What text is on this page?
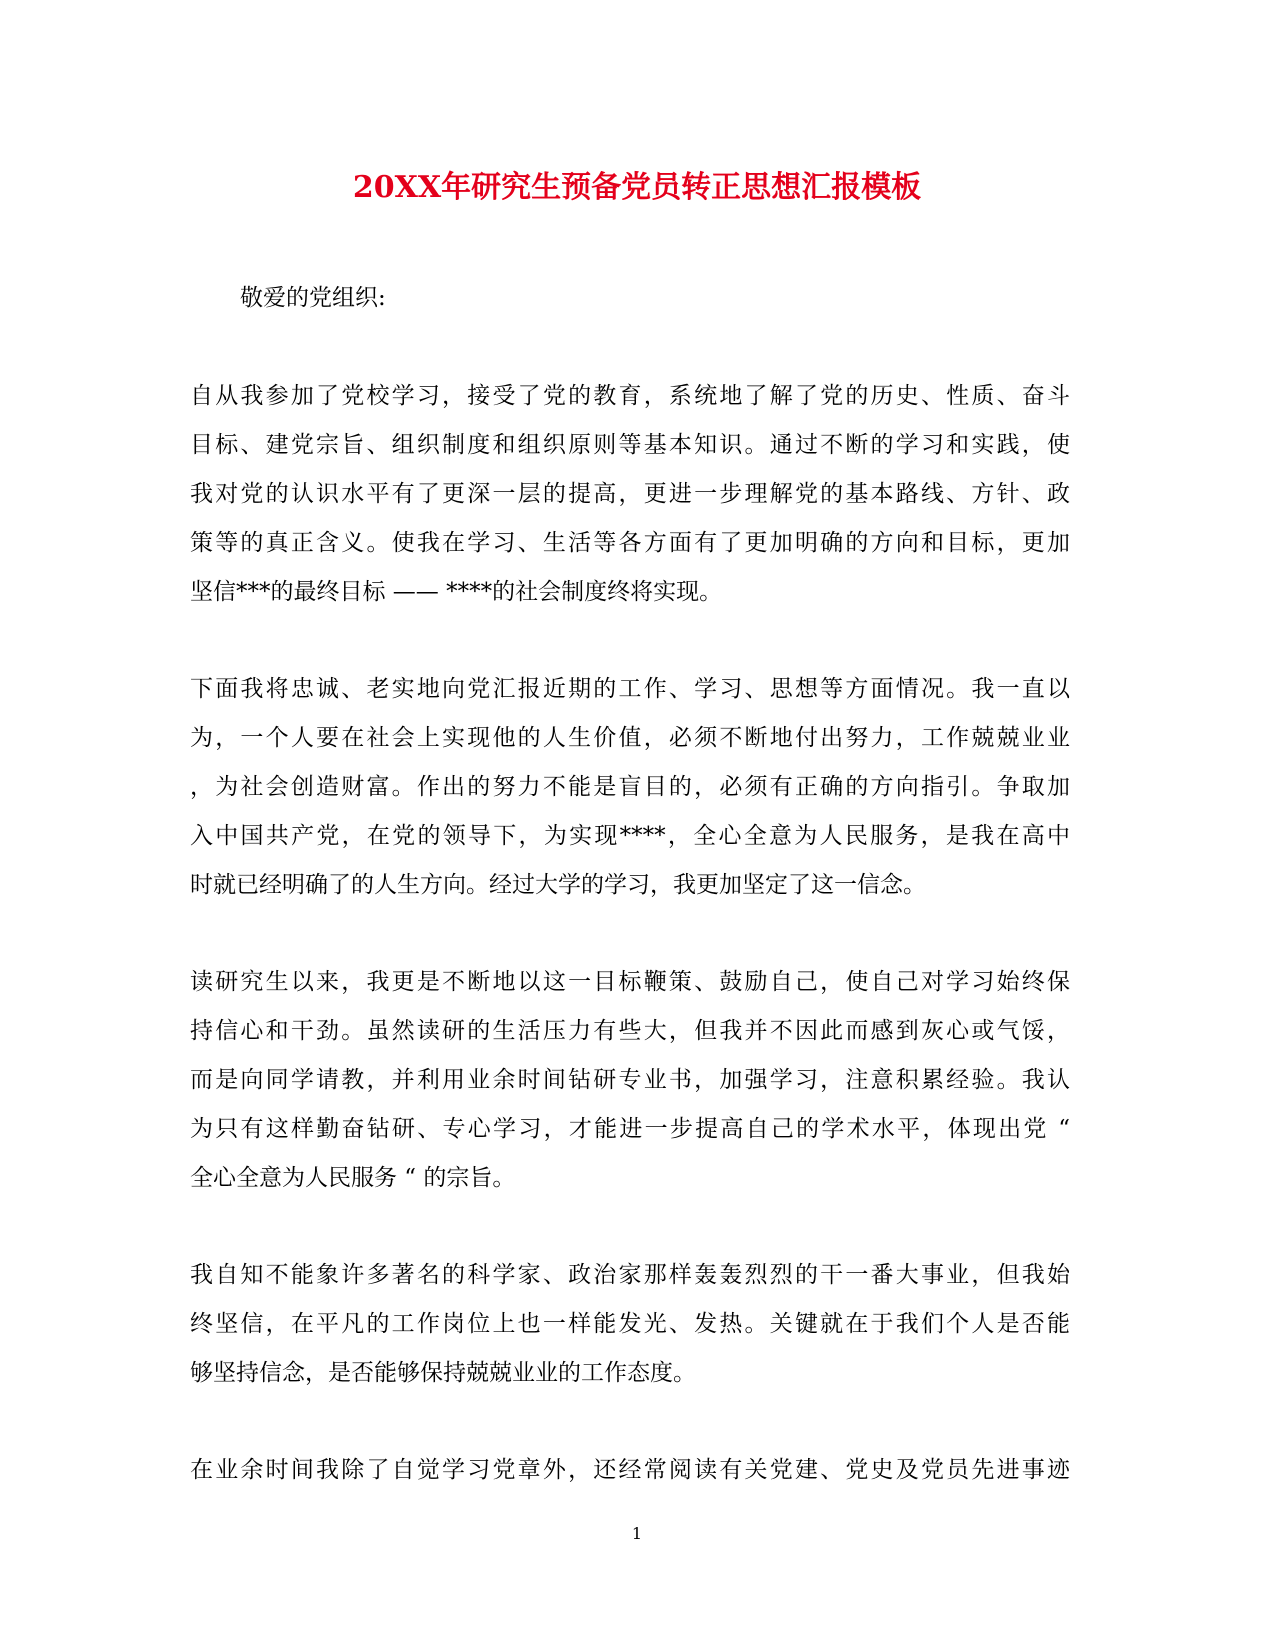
20XX年研究生预备党员转正思想汇报模板

敬爱的党组织:

自从我参加了党校学习，接受了党的教育，系统地了解了党的历史、性质、奋斗
目标、建党宗旨、组织制度和组织原则等基本知识。通过不断的学习和实践，使
我对党的认识水平有了更深一层的提高，更进一步理解党的基本路线、方针、政
策等的真正含义。使我在学习、生活等各方面有了更加明确的方向和目标，更加
坚信***的最终目标 —— ****的社会制度终将实现。

下面我将忠诚、老实地向党汇报近期的工作、学习、思想等方面情况。我一直以
为，一个人要在社会上实现他的人生价值，必须不断地付出努力，工作兢兢业业
，为社会创造财富。作出的努力不能是盲目的，必须有正确的方向指引。争取加
入中国共产党，在党的领导下，为实现****，全心全意为人民服务，是我在高中
时就已经明确了的人生方向。经过大学的学习，我更加坚定了这一信念。

读研究生以来，我更是不断地以这一目标鞭策、鼓励自己，使自己对学习始终保
持信心和干劲。虽然读研的生活压力有些大，但我并不因此而感到灰心或气馁，
而是向同学请教，并利用业余时间钻研专业书，加强学习，注意积累经验。我认
为只有这样勤奋钻研、专心学习，才能进一步提高自己的学术水平，体现出党 “
全心全意为人民服务 “ 的宗旨。

我自知不能象许多著名的科学家、政治家那样轰轰烈烈的干一番大事业，但我始
终坚信，在平凡的工作岗位上也一样能发光、发热。关键就在于我们个人是否能
够坚持信念，是否能够保持兢兢业业的工作态度。

在业余时间我除了自觉学习党章外，还经常阅读有关党建、党史及党员先进事迹

1
